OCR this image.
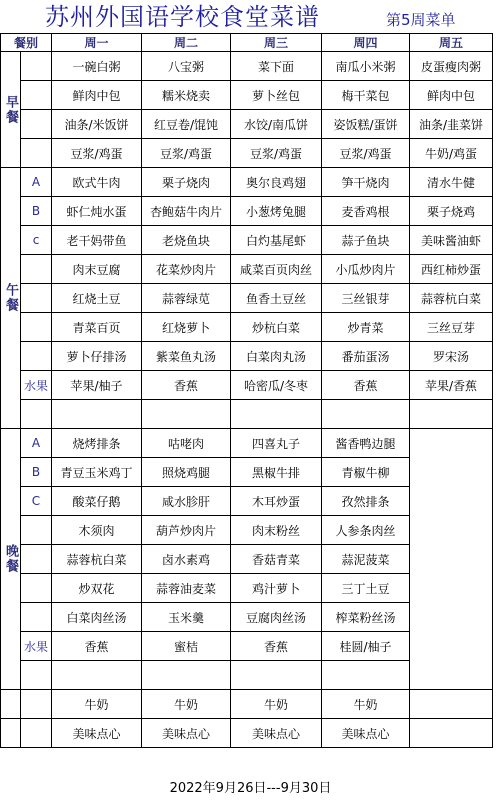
苏州外国语学校食堂菜谱	第5周菜单
餐别		周一	周二	周三	周四	周五
早餐		一碗白粥	八宝粥	菜下面	南瓜小米粥	皮蛋瘦肉粥
		鲜肉中包	糯米烧卖	萝卜丝包	梅干菜包	鲜肉中包
		油条/米饭饼	红豆卷/馄饨	水饺/南瓜饼	姿饭糕/蛋饼	油条/韭菜饼
		豆浆/鸡蛋	豆浆/鸡蛋	豆浆/鸡蛋	豆浆/鸡蛋	牛奶/鸡蛋
午餐	A	欧式牛肉	栗子烧肉	奥尔良鸡翅	笋干烧肉	清水牛健
	B	虾仁炖水蛋	杏鲍菇牛肉片	小葱烤兔腿	麦香鸡根	栗子烧鸡
	c	老干妈带鱼	老烧鱼块	白灼基尾虾	蒜子鱼块	美味酱油虾
		肉末豆腐	花菜炒肉片	咸菜百页肉丝	小瓜炒肉片	西红柿炒蛋
		红烧土豆	蒜蓉绿苋	鱼香土豆丝	三丝银芽	蒜蓉杭白菜
		青菜百页	红烧萝卜	炒杭白菜	炒青菜	三丝豆芽
		萝卜仔排汤	紫菜鱼丸汤	白菜肉丸汤	番茄蛋汤	罗宋汤
	水果	苹果/柚子	香蕉	哈密瓜/冬枣	香蕉	苹果/香蕉

晚餐	A	烧烤排条	咕咾肉	四喜丸子	酱香鸭边腿	
	B	青豆玉米鸡丁	照烧鸡腿	黑椒牛排	青椒牛柳	
	C	酸菜仔鹅	咸水胗肝	木耳炒蛋	孜然排条	
		木须肉	葫芦炒肉片	肉末粉丝	人参条肉丝	
		蒜蓉杭白菜	卤水素鸡	香菇青菜	蒜泥菠菜	
		炒双花	蒜蓉油麦菜	鸡汁萝卜	三丁土豆	
		白菜肉丝汤	玉米羹	豆腐肉丝汤	榨菜粉丝汤	
	水果	香蕉	蜜桔	香蕉	桂圆/柚子	

		牛奶	牛奶	牛奶	牛奶	
		美味点心	美味点心	美味点心	美味点心	
2022年9月26日---9月30日
